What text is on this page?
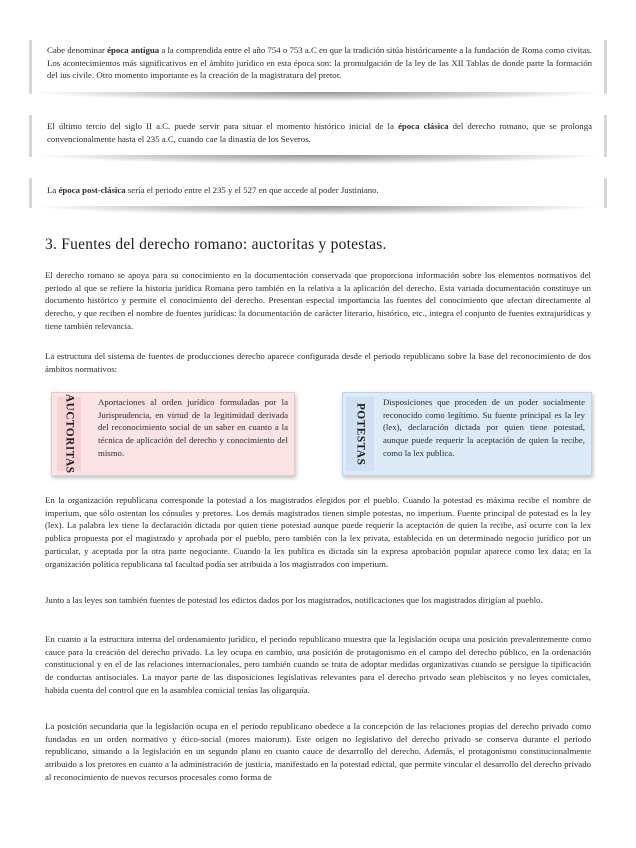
Cabe denominar época antigua a la comprendida entre el año 754 o 753 a.C en que la tradición sitúa históricamente a la fundación de Roma como civitas. Los acontecimientos más significativos en el ámbito jurídico en esta época son: la promulgación de la ley de las XII Tablas de donde parte la formación del ius civile. Otro momento importante es la creación de la magistratura del pretor.
El último tercio del siglo II a.C. puede servir para situar el momento histórico inicial de la época clásica del derecho romano, que se prolonga convencionalmente hasta el 235 a.C, cuando cae la dinastía de los Severos.
La época post-clásica sería el periodo entre el 235 y el 527 en que accede al poder Justiniano.
3. Fuentes del derecho romano: auctoritas y potestas.

El derecho romano se apoya para su conocimiento en la documentación conservada que proporciona información sobre los elementos normativos del periodo al que se refiere la historia jurídica Romana pero también en la relativa a la aplicación del derecho. Esta variada documentación constituye un documento histórico y permite el conocimiento del derecho. Presentan especial importancia las fuentes del conocimiento que afectan directamente al derecho, y que reciben el nombre de fuentes jurídicas: la documentación de carácter literario, histórico, etc., integra el conjunto de fuentes extrajurídicas y tiene también relevancia.

La estructura del sistema de fuentes de producciones derecho aparece configurada desde el periodo republicano sobre la base del reconocimiento de dos ámbitos normativos:

AUCTORITAS	Aportaciones al orden jurídico formuladas por la Jurisprudencia, en virtud de la legitimidad derivada del reconocimiento social de un saber en cuanto a la técnica de aplicación del derecho y conocimiento del mismo.	POTESTAS
Disposiciones que proceden de un poder socialmente reconocido como legítimo. Su fuente principal es la ley (lex), declaración dictada por quien tiene potestad, aunque puede requerir la aceptación de quien la recibe, como la lex publica.

En la organización republicana corresponde la potestad a los magistrados elegidos por el pueblo. Cuando la potestad es máxima recibe el nombre de imperium, que sólo ostentan los cónsules y pretores. Los demás magistrados tienen simple potestas, no imperium. Fuente principal de potestad es la ley (lex). La palabra lex tiene la declaración dictada por quien tiene potestad aunque puede requerir la aceptación de quien la recibe, así ocurre con la lex publica propuesta por el magistrado y aprobada por el pueblo, pero también con la lex privata, establecida en un determinado negocio jurídico por un particular, y aceptada por la otra parte negociante. Cuando la lex publica es dictada sin la expresa aprobación popular aparece como lex data; en la organización política republicana tal facultad podía ser atribuida a los magistrados con imperium.

Junto a las leyes son también fuentes de potestad los edictos dados por los magistrados, notificaciones que los magistrados dirigían al pueblo.

En cuanto a la estructura interna del ordenamiento jurídico, el periodo republicano muestra que la legislación ocupa una posición prevalentemente como cauce para la creación del derecho privado. La ley ocupa en cambio, una posición de protagonismo en el campo del derecho público, en la ordenación constitucional y en el de las relaciones internacionales, pero también cuando se trata de adoptar medidas organizativas cuando se persigue la tipificación de conductas antisociales. La mayor parte de las disposiciones legislativas relevantes para el derecho privado sean plebiscitos y no leyes comiciales, habida cuenta del control que en la asamblea comicial tenías las oligarquía.

La posición secundaria que la legislación ocupa en el periodo republicano obedece a la concepción de las relaciones propias del derecho privado como fundadas en un orden normativo y ético-social (mores maiorum). Este origen no legislativo del derecho privado se conserva durante el periodo republicano, situando a la legislación en un segundo plano en cuanto cauce de desarrollo del derecho. Además, el protagonismo constitucionalmente atribuido a los pretores en cuanto a la administración de justicia, manifestado en la potestad edictal, que permite vincular el desarrollo del derecho privado al reconocimiento de nuevos recursos procesales como forma de
